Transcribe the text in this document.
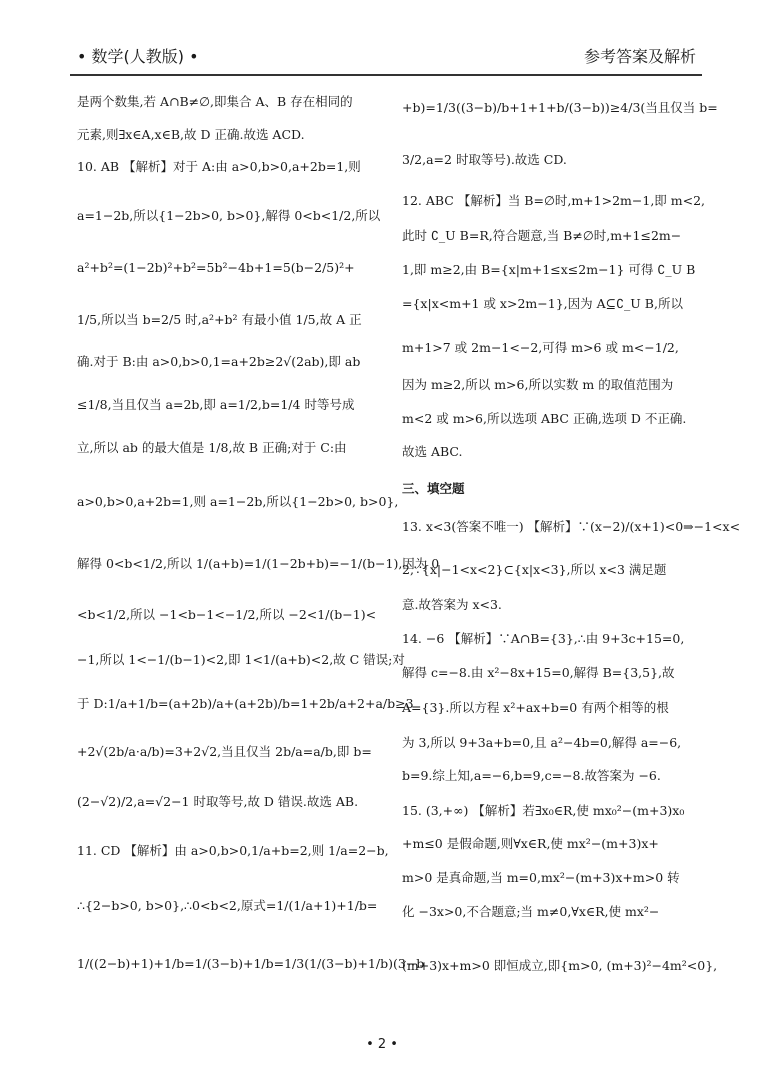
• 数学(人教版) •	参考答案及解析

是两个数集,若 A∩B≠∅,即集合 A、B 存在相同的

元素,则∃x∈A,x∈B,故 D 正确.故选 ACD.

10. AB 【解析】对于 A:由 a>0,b>0,a+2b=1,则

a=1−2b,所以{1−2b>0, b>0},解得 0<b<1/2,所以

a²+b²=(1−2b)²+b²=5b²−4b+1=5(b−2/5)²+

1/5,所以当 b=2/5 时,a²+b² 有最小值 1/5,故 A 正

确.对于 B:由 a>0,b>0,1=a+2b≥2√(2ab),即 ab

≤1/8,当且仅当 a=2b,即 a=1/2,b=1/4 时等号成

立,所以 ab 的最大值是 1/8,故 B 正确;对于 C:由

a>0,b>0,a+2b=1,则 a=1−2b,所以{1−2b>0, b>0},

解得 0<b<1/2,所以 1/(a+b)=1/(1−2b+b)=−1/(b−1),因为 0

<b<1/2,所以 −1<b−1<−1/2,所以 −2<1/(b−1)<

−1,所以 1<−1/(b−1)<2,即 1<1/(a+b)<2,故 C 错误;对

于 D:1/a+1/b=(a+2b)/a+(a+2b)/b=1+2b/a+2+a/b≥3

+2√(2b/a·a/b)=3+2√2,当且仅当 2b/a=a/b,即 b=

(2−√2)/2,a=√2−1 时取等号,故 D 错误.故选 AB.

11. CD 【解析】由 a>0,b>0,1/a+b=2,则 1/a=2−b,

∴{2−b>0, b>0},∴0<b<2,原式=1/(1/a+1)+1/b=

1/((2−b)+1)+1/b=1/(3−b)+1/b=1/3(1/(3−b)+1/b)(3−b

+b)=1/3((3−b)/b+1+1+b/(3−b))≥4/3(当且仅当 b=

3/2,a=2 时取等号).故选 CD.

12. ABC 【解析】当 B=∅时,m+1>2m−1,即 m<2,

此时 ∁_U B=R,符合题意,当 B≠∅时,m+1≤2m−

1,即 m≥2,由 B={x|m+1≤x≤2m−1} 可得 ∁_U B

={x|x<m+1 或 x>2m−1},因为 A⊆∁_U B,所以

m+1>7 或 2m−1<−2,可得 m>6 或 m<−1/2,

因为 m≥2,所以 m>6,所以实数 m 的取值范围为

m<2 或 m>6,所以选项 ABC 正确,选项 D 不正确.

故选 ABC.

三、填空题

13. x<3(答案不唯一) 【解析】∵(x−2)/(x+1)<0⇒−1<x<

2,∵{x|−1<x<2}⊂{x|x<3},所以 x<3 满足题

意.故答案为 x<3.

14. −6 【解析】∵A∩B={3},∴由 9+3c+15=0,

解得 c=−8.由 x²−8x+15=0,解得 B={3,5},故

A={3}.所以方程 x²+ax+b=0 有两个相等的根

为 3,所以 9+3a+b=0,且 a²−4b=0,解得 a=−6,

b=9.综上知,a=−6,b=9,c=−8.故答案为 −6.

15. (3,+∞) 【解析】若∃x₀∈R,使 mx₀²−(m+3)x₀

+m≤0 是假命题,则∀x∈R,使 mx²−(m+3)x+

m>0 是真命题,当 m=0,mx²−(m+3)x+m>0 转

化 −3x>0,不合题意;当 m≠0,∀x∈R,使 mx²−

(m+3)x+m>0 即恒成立,即{m>0, (m+3)²−4m²<0},

• 2 •
